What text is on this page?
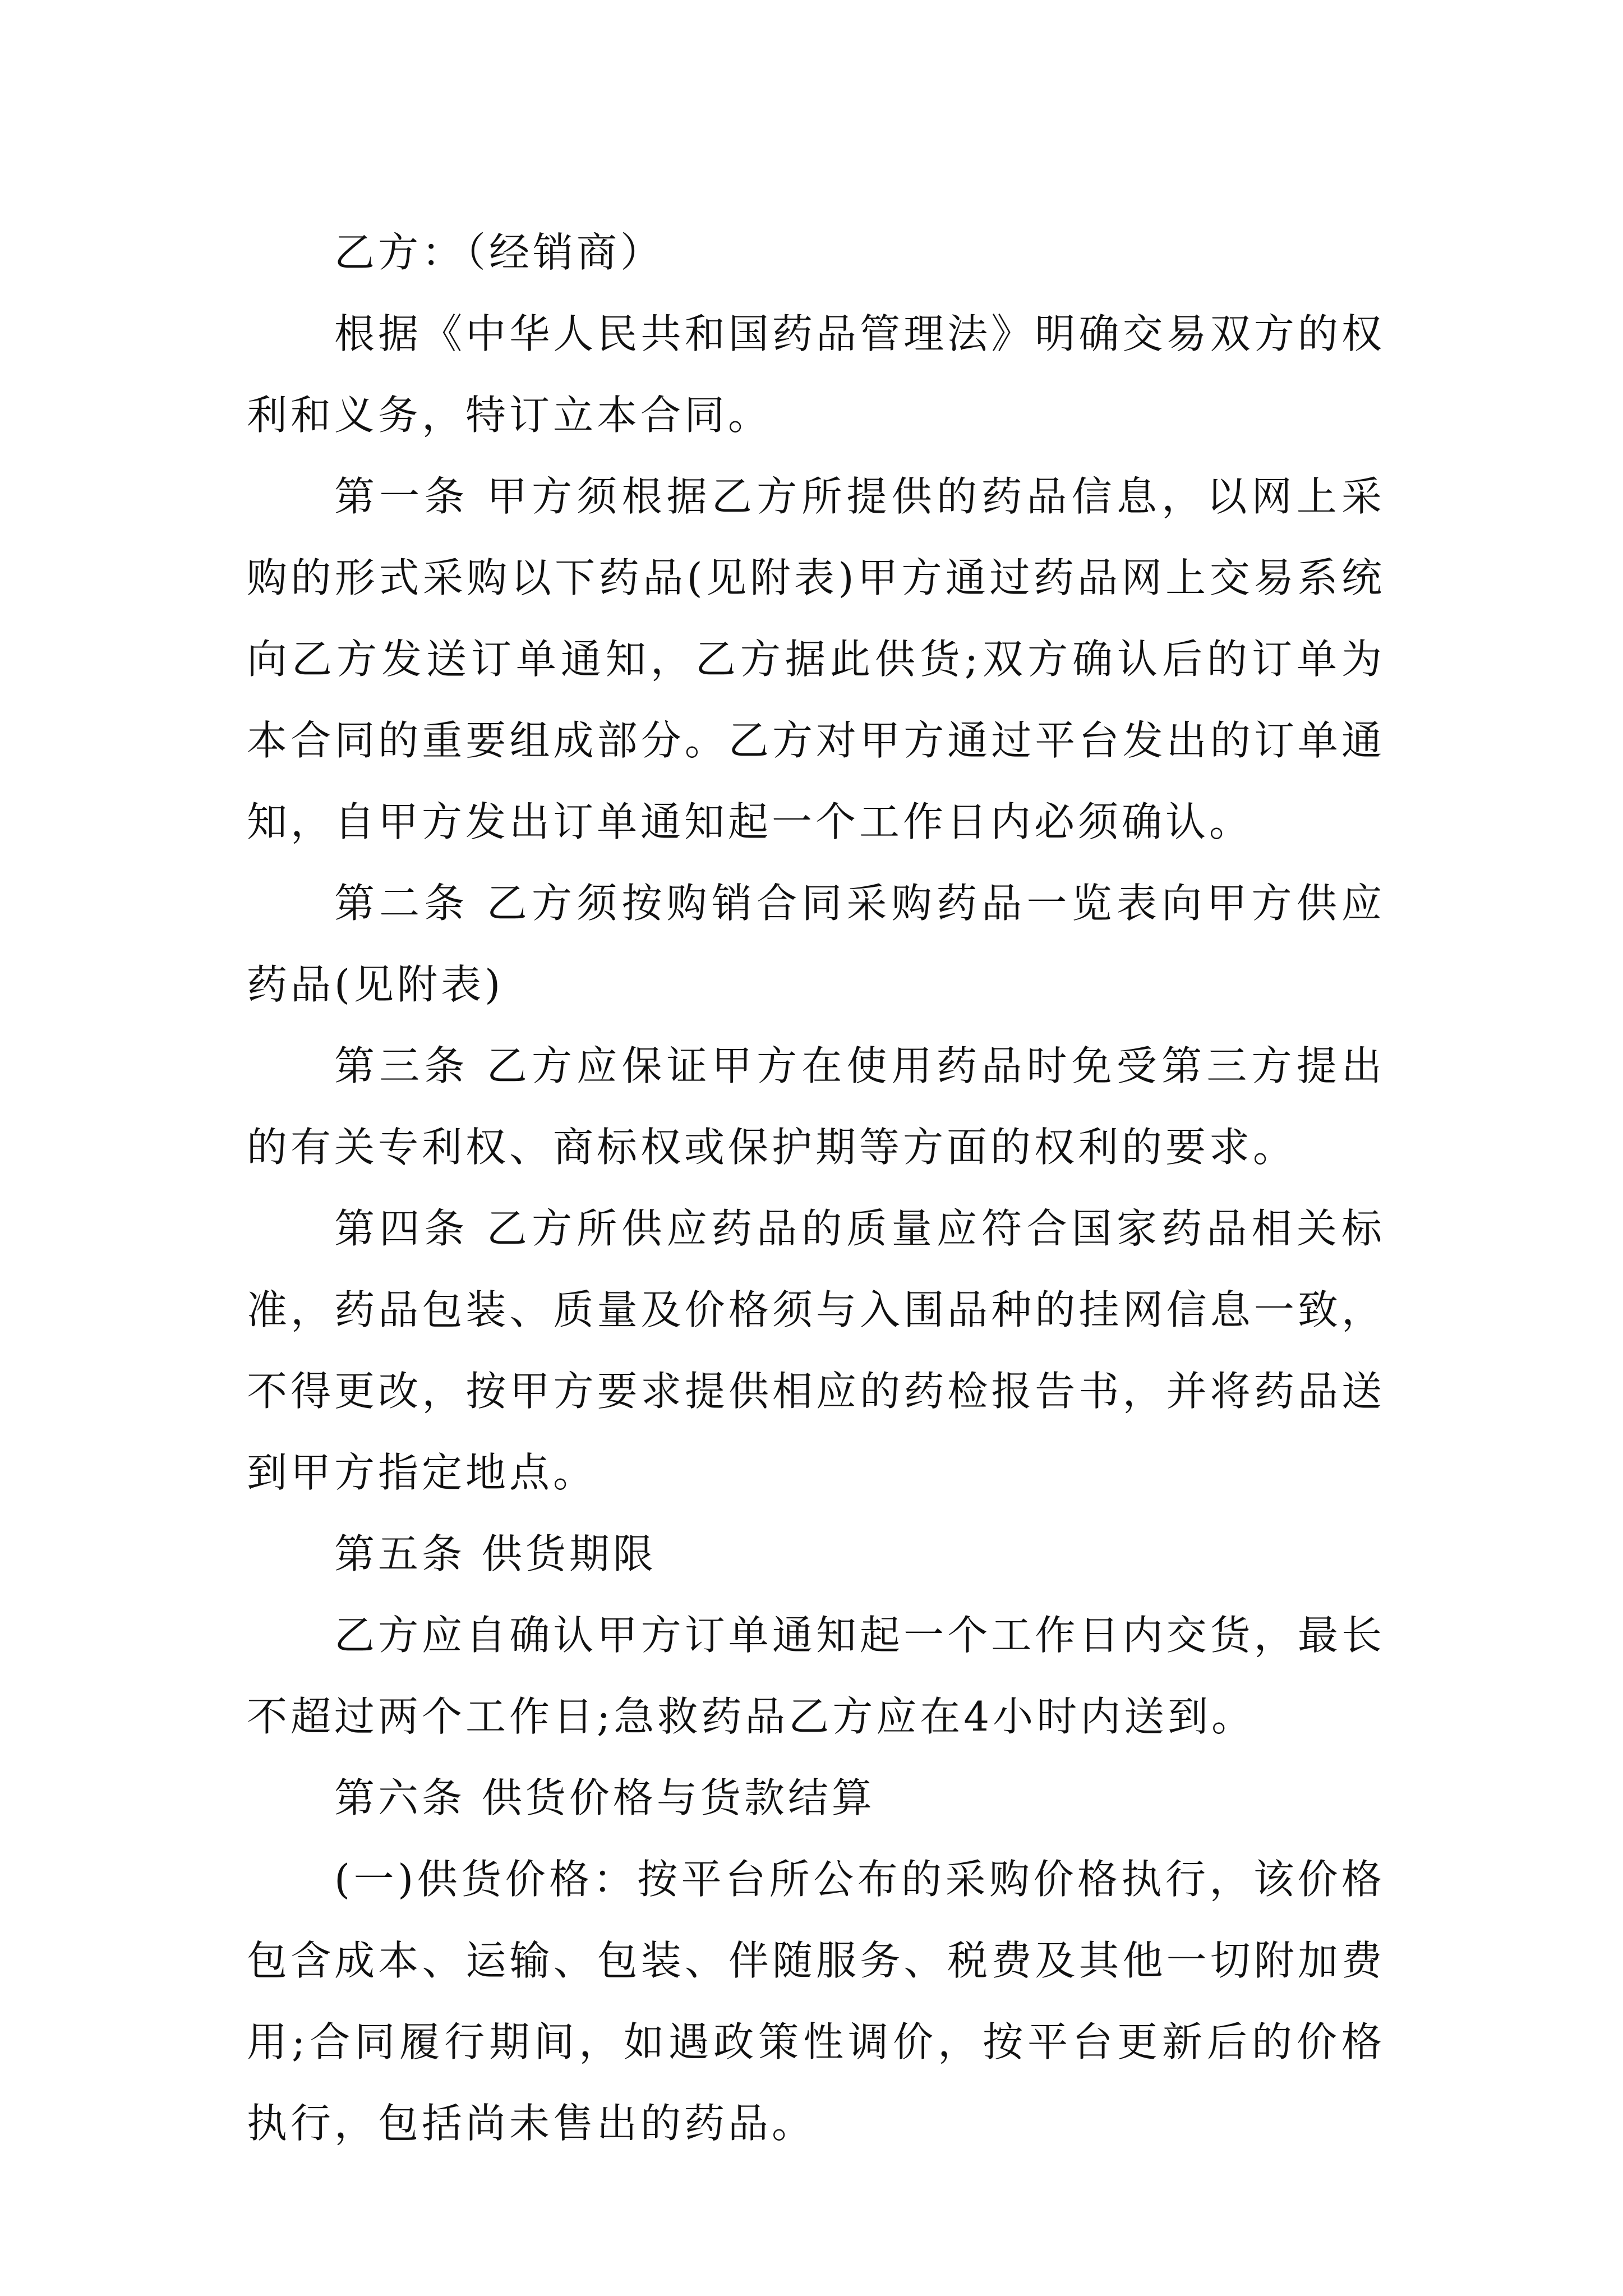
乙方：（经销商）

根据《中华人民共和国药品管理法》明确交易双方的权利和义务，特订立本合同。

第一条 甲方须根据乙方所提供的药品信息，以网上采购的形式采购以下药品(见附表)甲方通过药品网上交易系统向乙方发送订单通知，乙方据此供货;双方确认后的订单为本合同的重要组成部分。乙方对甲方通过平台发出的订单通知，自甲方发出订单通知起一个工作日内必须确认。

第二条 乙方须按购销合同采购药品一览表向甲方供应药品(见附表)

第三条 乙方应保证甲方在使用药品时免受第三方提出的有关专利权、商标权或保护期等方面的权利的要求。

第四条 乙方所供应药品的质量应符合国家药品相关标准，药品包装、质量及价格须与入围品种的挂网信息一致，不得更改，按甲方要求提供相应的药检报告书，并将药品送到甲方指定地点。

第五条 供货期限

乙方应自确认甲方订单通知起一个工作日内交货，最长不超过两个工作日;急救药品乙方应在4小时内送到。

第六条 供货价格与货款结算

(一)供货价格：按平台所公布的采购价格执行，该价格包含成本、运输、包装、伴随服务、税费及其他一切附加费用;合同履行期间，如遇政策性调价，按平台更新后的价格执行，包括尚未售出的药品。
